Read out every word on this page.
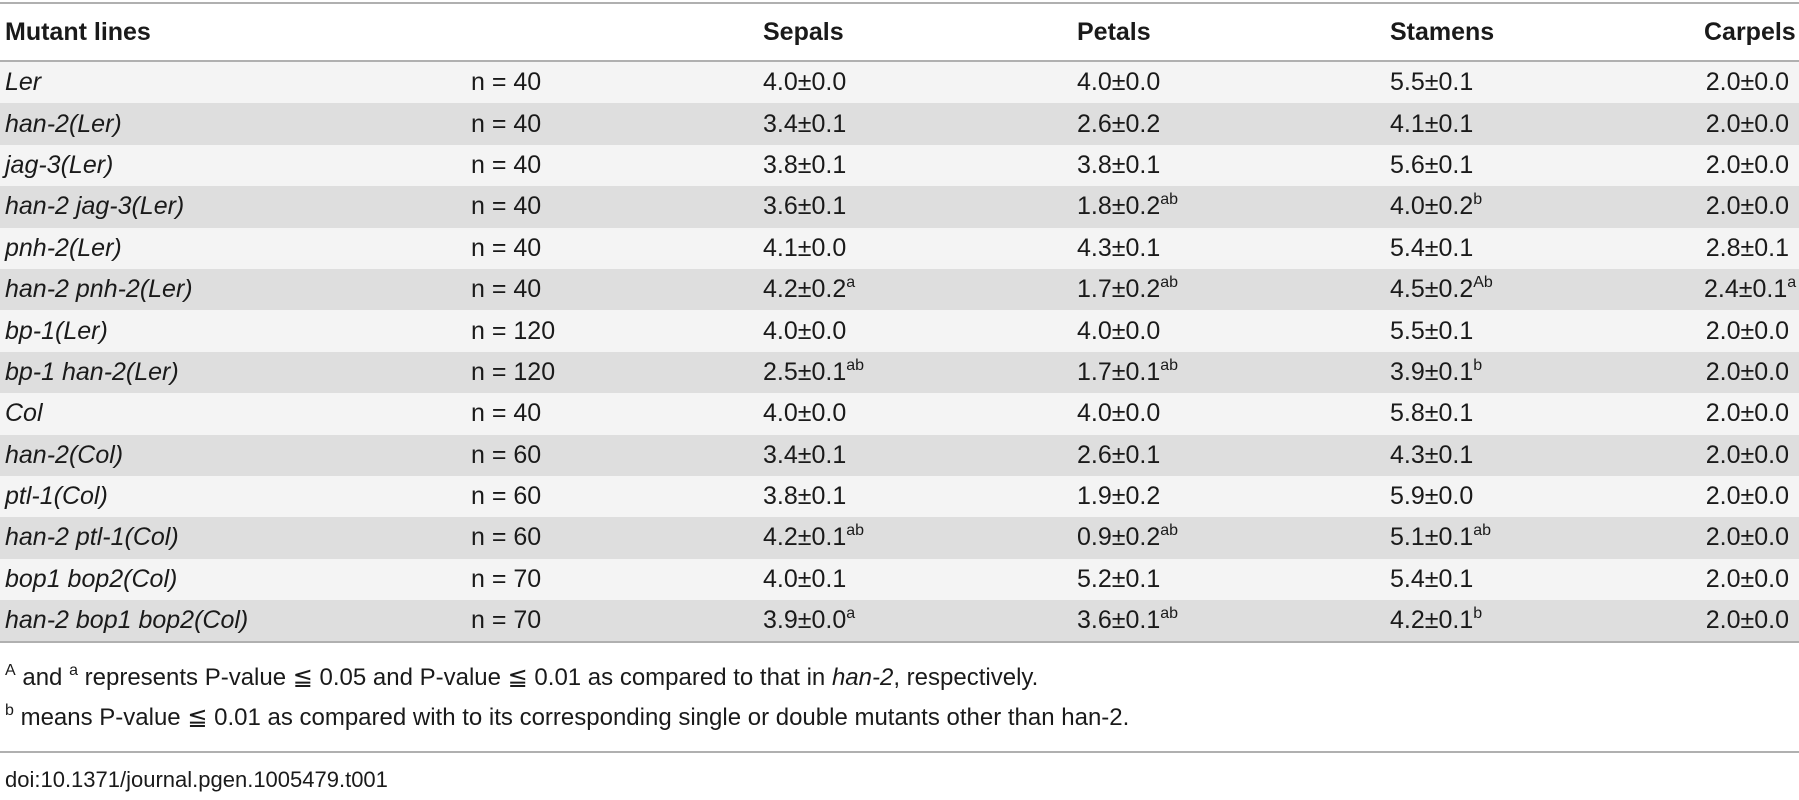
Mutant lines		Sepals	Petals	Stamens	Carpels
Ler	n = 40	4.0±0.0	4.0±0.0	5.5±0.1	2.0±0.0
han-2(Ler)	n = 40	3.4±0.1	2.6±0.2	4.1±0.1	2.0±0.0
jag-3(Ler)	n = 40	3.8±0.1	3.8±0.1	5.6±0.1	2.0±0.0
han-2 jag-3(Ler)	n = 40	3.6±0.1	1.8±0.2$^{ab}$	4.0±0.2$^b$	2.0±0.0
pnh-2(Ler)	n = 40	4.1±0.0	4.3±0.1	5.4±0.1	2.8±0.1
han-2 pnh-2(Ler)	n = 40	4.2±0.2$^a$	1.7±0.2$^{ab}$	$4.5\pm 0.2^{Ab}$	2.4±0.1$^a$
bp-1(Ler)	n = 120	4.0±0.0	4.0±0.0	5.5±0.1	2.0±0.0
bp-1 han-2(Ler)	n = 120	2.5±0.1$^{ab}$	1.7±0.1$^{ab}$	3.9±0.1$^b$	2.0±0.0
Col	n = 40	4.0±0.0	4.0±0.0	5.8±0.1	2.0±0.0
han-2(Col)	n = 60	3.4±0.1	2.6±0.1	4.3±0.1	2.0±0.0
ptl-1(Col)	n = 60	3.8±0.1	1.9±0.2	5.9±0.0	2.0±0.0
han-2 ptl-1(Col)	n = 60	4.2±0.1$^{ab}$	0.9±0.2$^{ab}$	5.1±0.1$^{ab}$	2.0±0.0
bop1 bop2(Col)	n = 70	4.0±0.1	5.2±0.1	5.4±0.1	2.0±0.0
han-2 bop1 bop2(Col)	n = 70	3.9±0.0$^a$	3.6±0.1$^{ab}$	4.2±0.1$^b$	2.0±0.0
$^A$ and $^a$ represents P-value ≦ 0.05 and P-value ≦ 0.01 as compared to that in han-2, respectively.
$^b$ means P-value ≦ 0.01 as compared with to its corresponding single or double mutants other than han-2.
doi:10.1371/journal.pgen.1005479.t001
